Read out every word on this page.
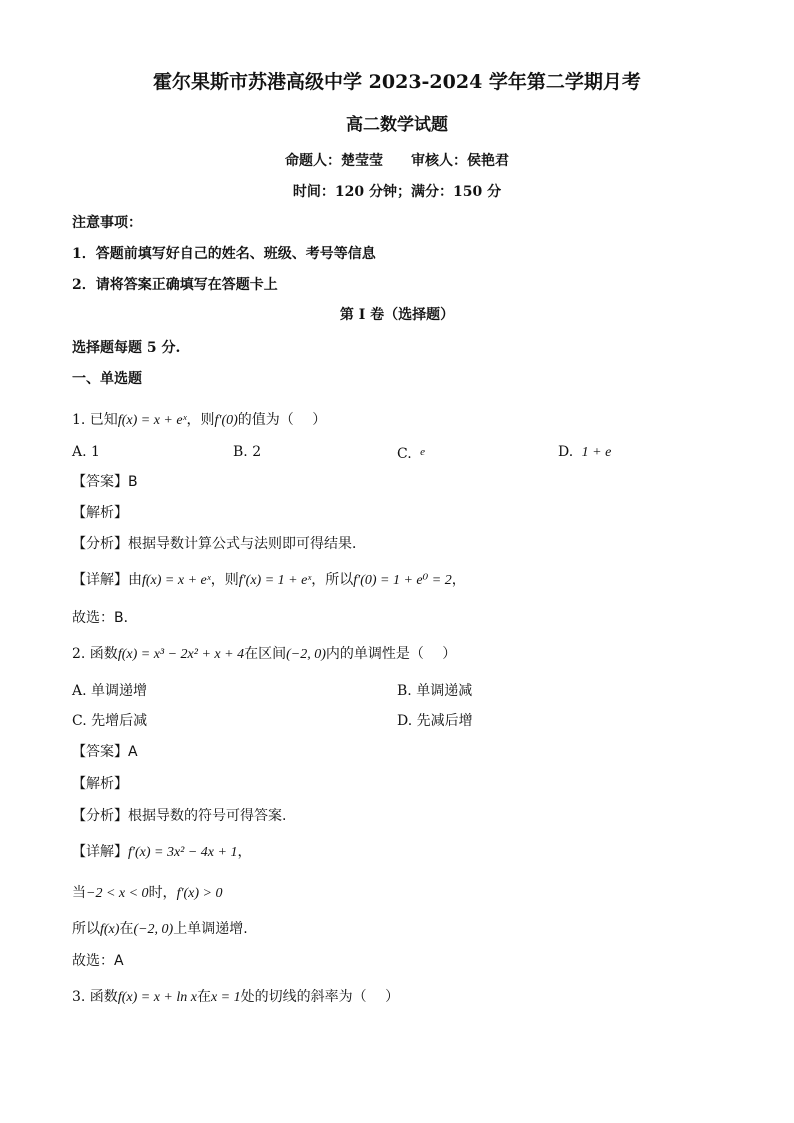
霍尔果斯市苏港高级中学 2023-2024 学年第二学期月考
高二数学试题
命题人：楚莹莹　　审核人：侯艳君
时间：120 分钟；满分：150 分
注意事项：
1．答题前填写好自己的姓名、班级、考号等信息
2．请将答案正确填写在答题卡上
第 I 卷（选择题）
选择题每题 5 分.
一、单选题
1. 已知f(x) = x + eˣ，则f′(0)的值为（　 ）
A. 1	B. 2	C. $^e$	D. 1 + e
【答案】B
【解析】
【分析】根据导数计算公式与法则即可得结果．
【详解】由f(x) = x + eˣ，则f′(x) = 1 + eˣ，所以f′(0) = 1 + e⁰ = 2，
故选：B．
2. 函数f(x) = x³ − 2x² + x + 4在区间(−2, 0)内的单调性是（　 ）
A. 单调递增	B. 单调递减
C. 先增后减	D. 先减后增
【答案】A
【解析】
【分析】根据导数的符号可得答案.
【详解】f′(x) = 3x² − 4x + 1，
当−2 < x < 0时，f′(x) > 0
所以f(x)在(−2, 0)上单调递增.
故选：A
3. 函数f(x) = x + ln x在x = 1处的切线的斜率为（　 ）
